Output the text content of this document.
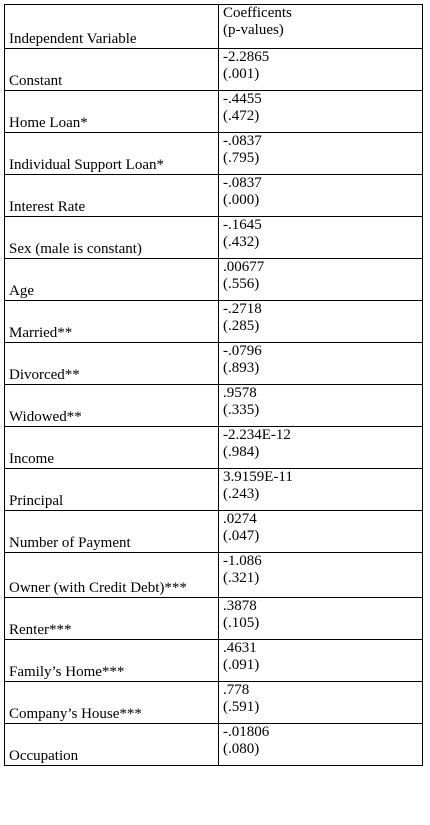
Independent Variable	Coefficents
(p-values)

Constant	-2.2865
(.001)

Home Loan*	-.4455
(.472)

Individual Support Loan*	-.0837
(.795)

Interest Rate	-.0837
(.000)

Sex (male is constant)	-.1645
(.432)

Age	.00677
(.556)

Married**	-.2718
(.285)

Divorced**	-.0796
(.893)

Widowed**	.9578
(.335)

Income	-2.234E-12
(.984)

Principal	3.9159E-11
(.243)

Number of Payment	.0274
(.047)

Owner (with Credit Debt)***	-1.086
(.321)

Renter***	.3878
(.105)

Family’s Home***	.4631
(.091)

Company’s House***	.778
(.591)

Occupation	-.01806
(.080)
